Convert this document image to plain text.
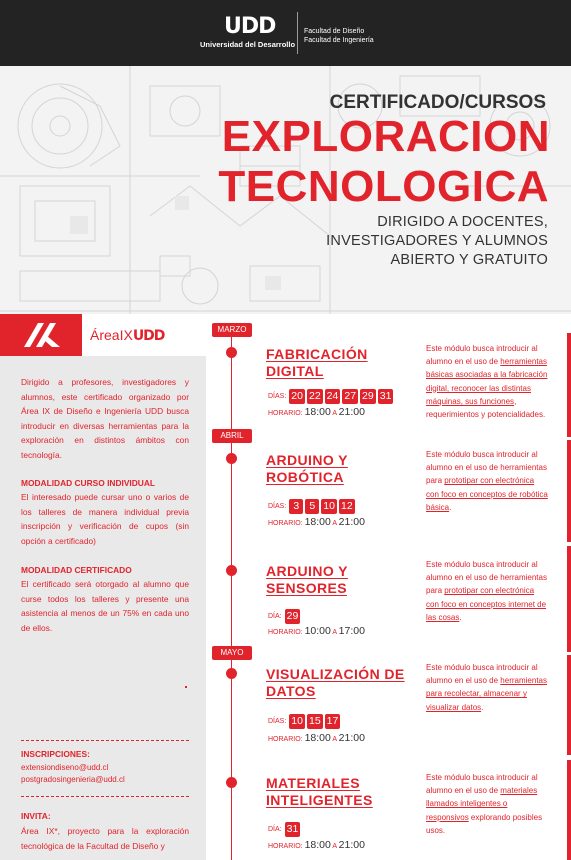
UDD
Universidad del Desarrollo
Facultad de Diseño
Facultad de Ingeniería
CERTIFICADO/CURSOS
EXPLORACION
TECNOLOGICA
DIRIGIDO A DOCENTES,
INVESTIGADORES Y ALUMNOS
ABIERTO Y GRATUITO
ÁreaIXUDD
Dirigido a profesores, investigadores y alumnos, este certificado organizado por Área IX de Diseño e Ingeniería UDD busca introducir en diversas herramientas para la exploración en distintos ámbitos con tecnología.
MODALIDAD CURSO INDIVIDUAL
El interesado puede cursar uno o varios de los talleres de manera individual previa inscripción y verificación de cupos (sin opción a certificado)
MODALIDAD CERTIFICADO
El certificado será otorgado al alumno que curse todos los talleres y presente una asistencia al menos de un 75% en cada uno de ellos.
INSCRIPCIONES:
extensiondiseno@udd.cl
postgradosingenieria@udd.cl
INVITA:
Área IX*, proyecto para la exploración tecnológica de la Facultad de Diseño y
MARZO
ABRIL
MAYO
FABRICACIÓN
DIGITAL
DÍAS: 20 22 24 27 29 31
HORARIO: 18:00 A 21:00
Este módulo busca introducir al alumno en el uso de herramientas básicas asociadas a la fabricación digital, reconocer las distintas máquinas, sus funciones, requerimientos y potencialidades.
ARDUINO Y
ROBÓTICA
DÍAS: 3 5 10 12
HORARIO: 18:00 A 21:00
Este módulo busca introducir al alumno en el uso de herramientas para prototipar con electrónica con foco en conceptos de robótica básica.
ARDUINO Y
SENSORES
DÍA: 29
HORARIO: 10:00 A 17:00
Este módulo busca introducir al alumno en el uso de herramientas para prototipar con electrónica con foco en conceptos internet de las cosas.
VISUALIZACIÓN DE
DATOS
DÍAS: 10 15 17
HORARIO: 18:00 A 21:00
Este módulo busca introducir al alumno en el uso de herramientas para recolectar, almacenar y visualizar datos.
MATERIALES
INTELIGENTES
DÍA: 31
HORARIO: 18:00 A 21:00
Este módulo busca introducir al alumno en el uso de materiales llamados inteligentes o responsivos explorando posibles usos.
